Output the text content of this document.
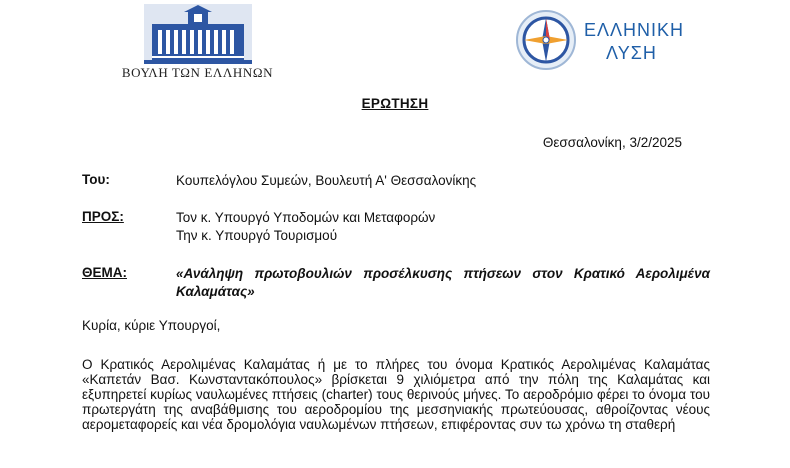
ΒΟΥΛΗ ΤΩΝ ΕΛΛΗΝΩΝ
ΕΛΛΗΝΙΚΗ
ΛΥΣΗ
ΕΡΩΤΗΣΗ
Θεσσαλονίκη, 3/2/2025
Του:	Κουπελόγλου Συμεών, Βουλευτή Α' Θεσσαλονίκης
ΠΡΟΣ:	Τον κ. Υπουργό Υποδομών και Μεταφορών
Την κ. Υπουργό Τουρισμού
ΘΕΜΑ:	«Ανάληψη πρωτοβουλιών προσέλκυσης πτήσεων στον Κρατικό Αερολιμένα Καλαμάτας»
Κυρία, κύριε Υπουργοί,
Ο Κρατικός Αερολιμένας Καλαμάτας ή με το πλήρες του όνομα Κρατικός Αερολιμένας Καλαμάτας «Καπετάν Βασ. Κωνσταντακόπουλος» βρίσκεται 9 χιλιόμετρα από την πόλη της Καλαμάτας και εξυπηρετεί κυρίως ναυλωμένες πτήσεις (charter) τους θερινούς μήνες. Το αεροδρόμιο φέρει το όνομα του πρωτεργάτη της αναβάθμισης του αεροδρομίου της μεσσηνιακής πρωτεύουσας, αθροίζοντας νέους αερομεταφορείς και νέα δρομολόγια ναυλωμένων πτήσεων, επιφέροντας συν τω χρόνω τη σταθερή
